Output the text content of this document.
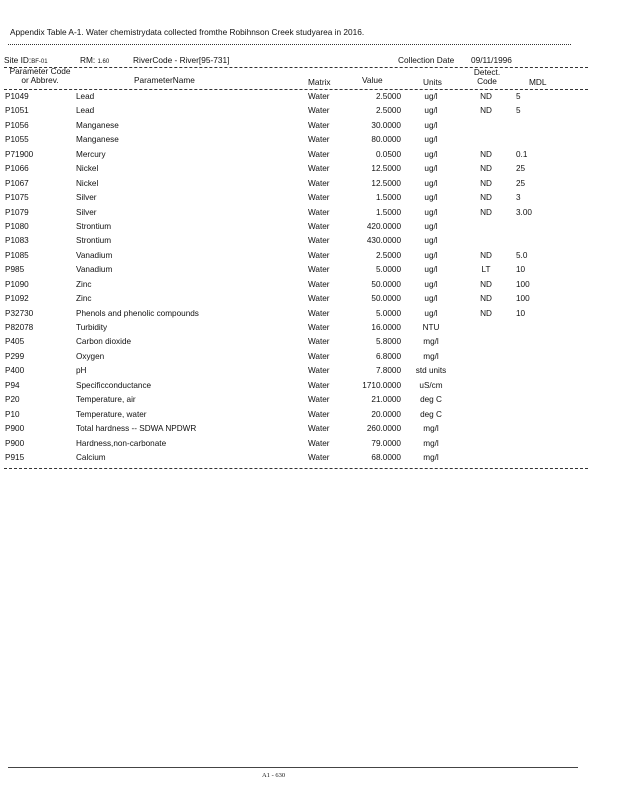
Appendix Table A-1. Water chemistrydata collected fromthe Robihnson Creek studyarea in 2016.
Site ID:BF-01	RM: 1.60	RiverCode - River[95-731]	Collection Date 09/11/1996
Parameter Code
or Abbrev.	ParameterName	Matrix	Value	Units
Detect.
Code	MDL
P1049	Lead	Water	2.5000	ug/l	ND	5
P1051	Lead	Water	2.5000	ug/l	ND	5
P1056	Manganese	Water	30.0000	ug/l
P1055	Manganese	Water	80.0000	ug/l
P71900	Mercury	Water	0.0500	ug/l	ND	0.1
P1066	Nickel	Water	12.5000	ug/l	ND	25
P1067	Nickel	Water	12.5000	ug/l	ND	25
P1075	Silver	Water	1.5000	ug/l	ND	3
P1079	Silver	Water	1.5000	ug/l	ND	3.00
P1080	Strontium	Water	420.0000	ug/l
P1083	Strontium	Water	430.0000	ug/l
P1085	Vanadium	Water	2.5000	ug/l	ND	5.0
P985	Vanadium	Water	5.0000	ug/l	LT	10
P1090	Zinc	Water	50.0000	ug/l	ND	100
P1092	Zinc	Water	50.0000	ug/l	ND	100
P32730	Phenols and phenolic compounds	Water	5.0000	ug/l	ND	10
P82078	Turbidity	Water	16.0000	NTU
P405	Carbon dioxide	Water	5.8000	mg/l
P299	Oxygen	Water	6.8000	mg/l
P400	pH	Water	7.8000	std units
P94	Specificconductance	Water	1710.0000	uS/cm
P20	Temperature, air	Water	21.0000	deg C
P10	Temperature, water	Water	20.0000	deg C
P900	Total hardness -- SDWA NPDWR	Water	260.0000	mg/l
P900	Hardness,non-carbonate	Water	79.0000	mg/l
P915	Calcium	Water	68.0000	mg/l
A1 - 630
